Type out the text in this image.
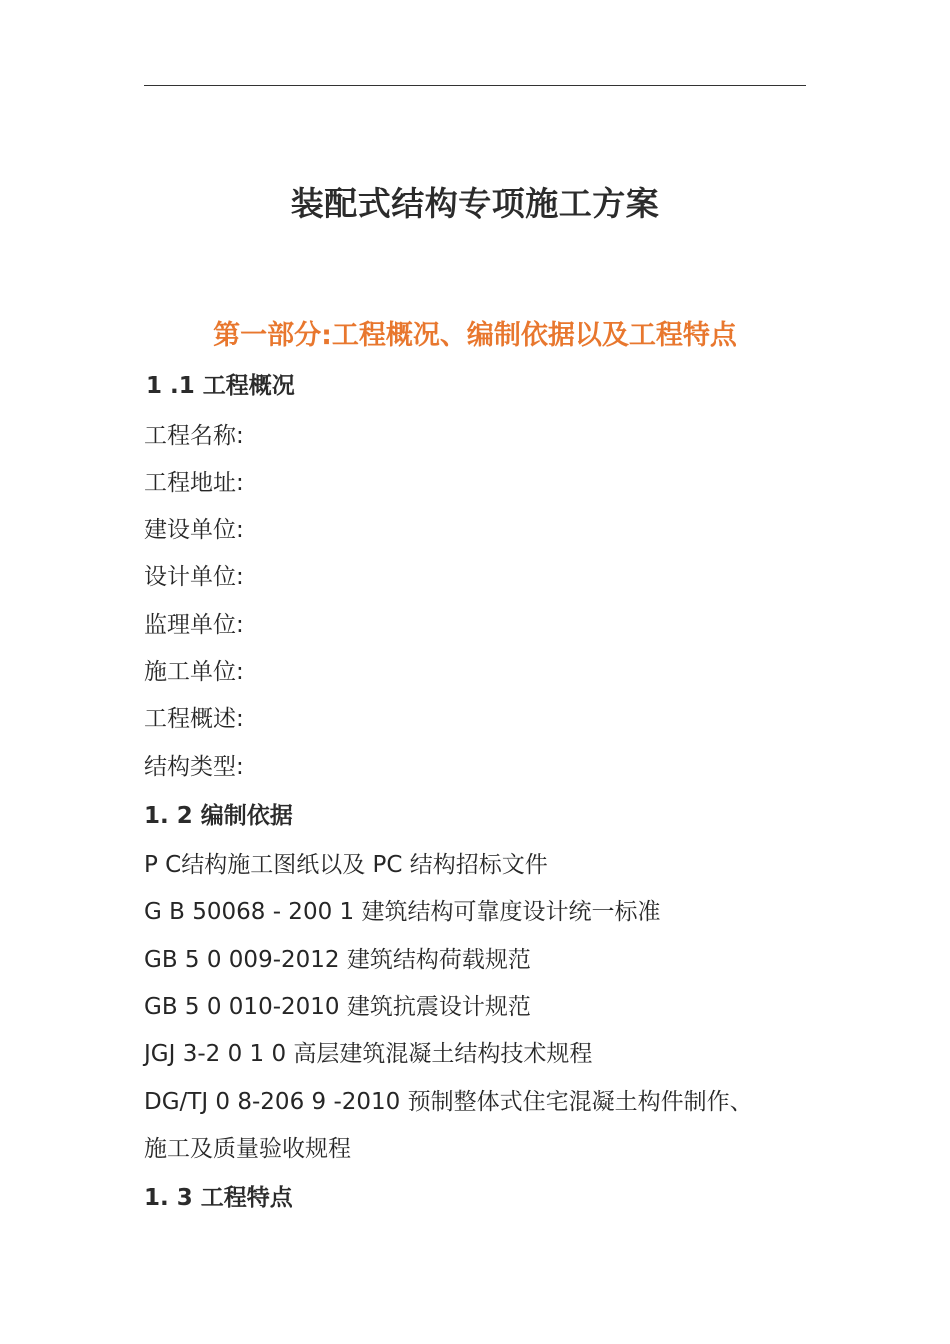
装配式结构专项施工方案
第一部分:工程概况、编制依据以及工程特点
1 .1 工程概况
工程名称:
工程地址:
建设单位:
设计单位:
监理单位:
施工单位:
工程概述:
结构类型:
1. 2 编制依据
P C结构施工图纸以及 PC 结构招标文件
G B 50068 - 200 1 建筑结构可靠度设计统一标准
GB 5 0 009-2012 建筑结构荷载规范
GB 5 0 010-2010 建筑抗震设计规范
JGJ 3-2 0 1 0 高层建筑混凝土结构技术规程
DG/TJ 0 8-206 9 -2010 预制整体式住宅混凝土构件制作、
施工及质量验收规程
1. 3 工程特点
